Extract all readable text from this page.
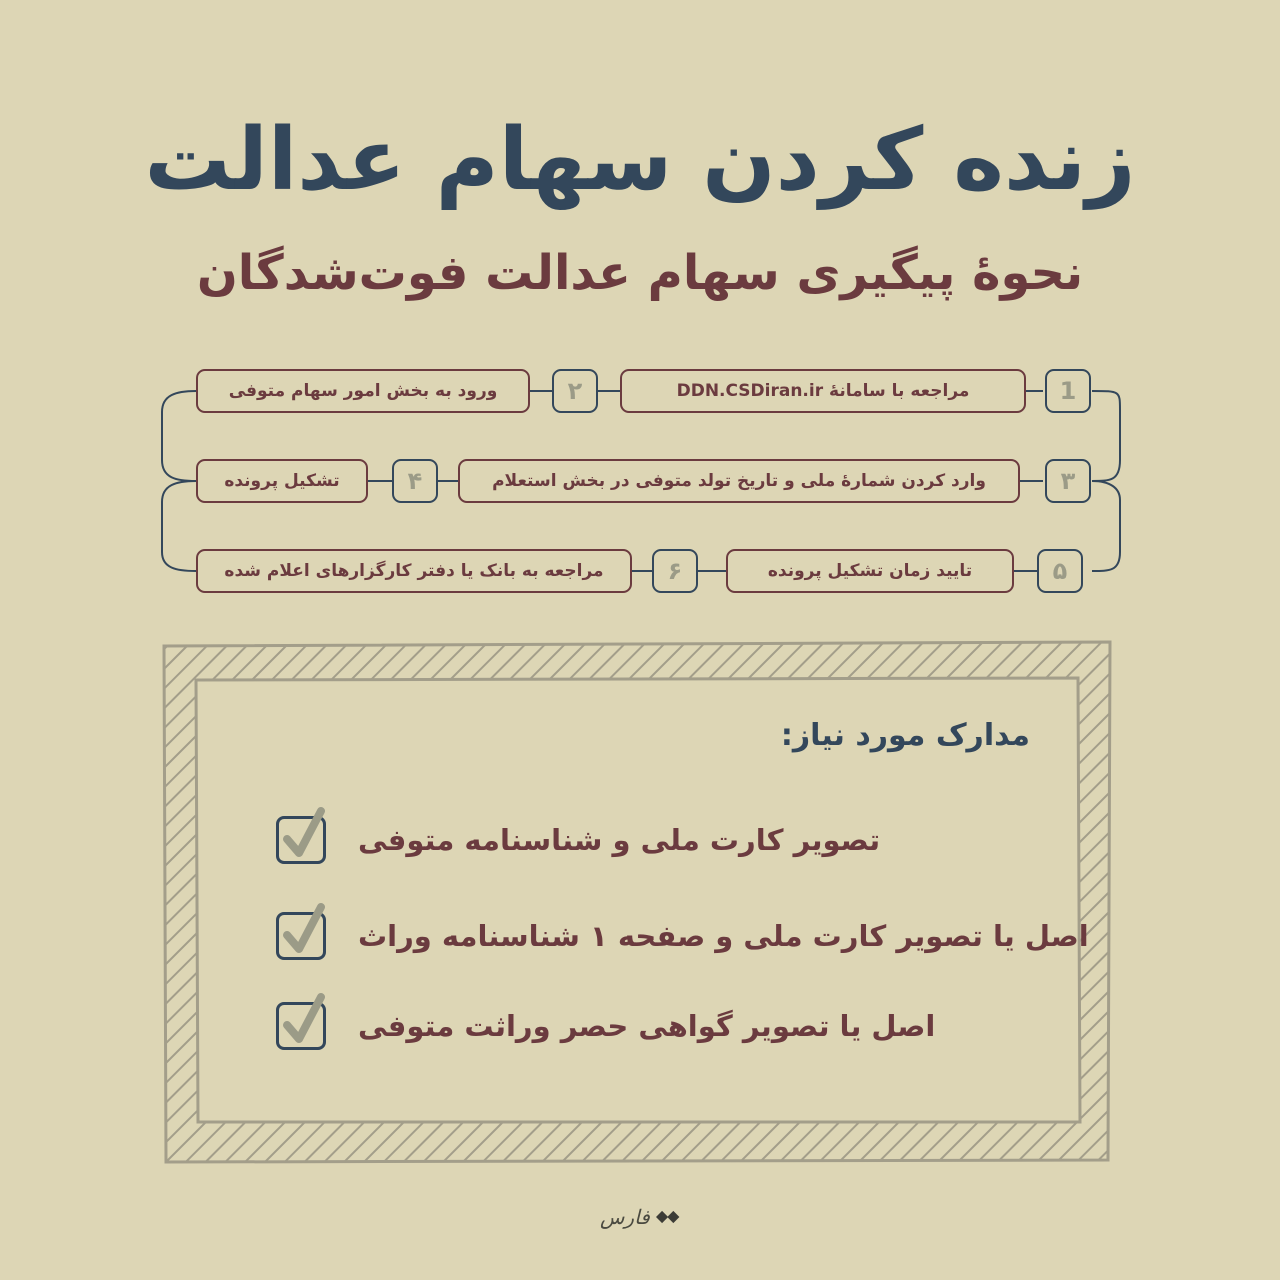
زنده کردن سهام عدالت
نحوهٔ پیگیری سهام عدالت فوت‌شدگان
1
مراجعه با سامانهٔ DDN.CSDiran.ir
۲
ورود به بخش امور سهام متوفی
۳
وارد کردن شمارهٔ ملی و تاریخ تولد متوفی در بخش استعلام
۴
تشکیل پرونده
۵
تایید زمان تشکیل پرونده
۶
مراجعه به بانک یا دفتر کارگزارهای اعلام شده
مدارک مورد نیاز:
تصویر کارت ملی و شناسنامه متوفی
اصل یا تصویر کارت ملی و صفحه ۱ شناسنامه وراث
اصل یا تصویر گواهی حصر وراثت متوفی
فارس
